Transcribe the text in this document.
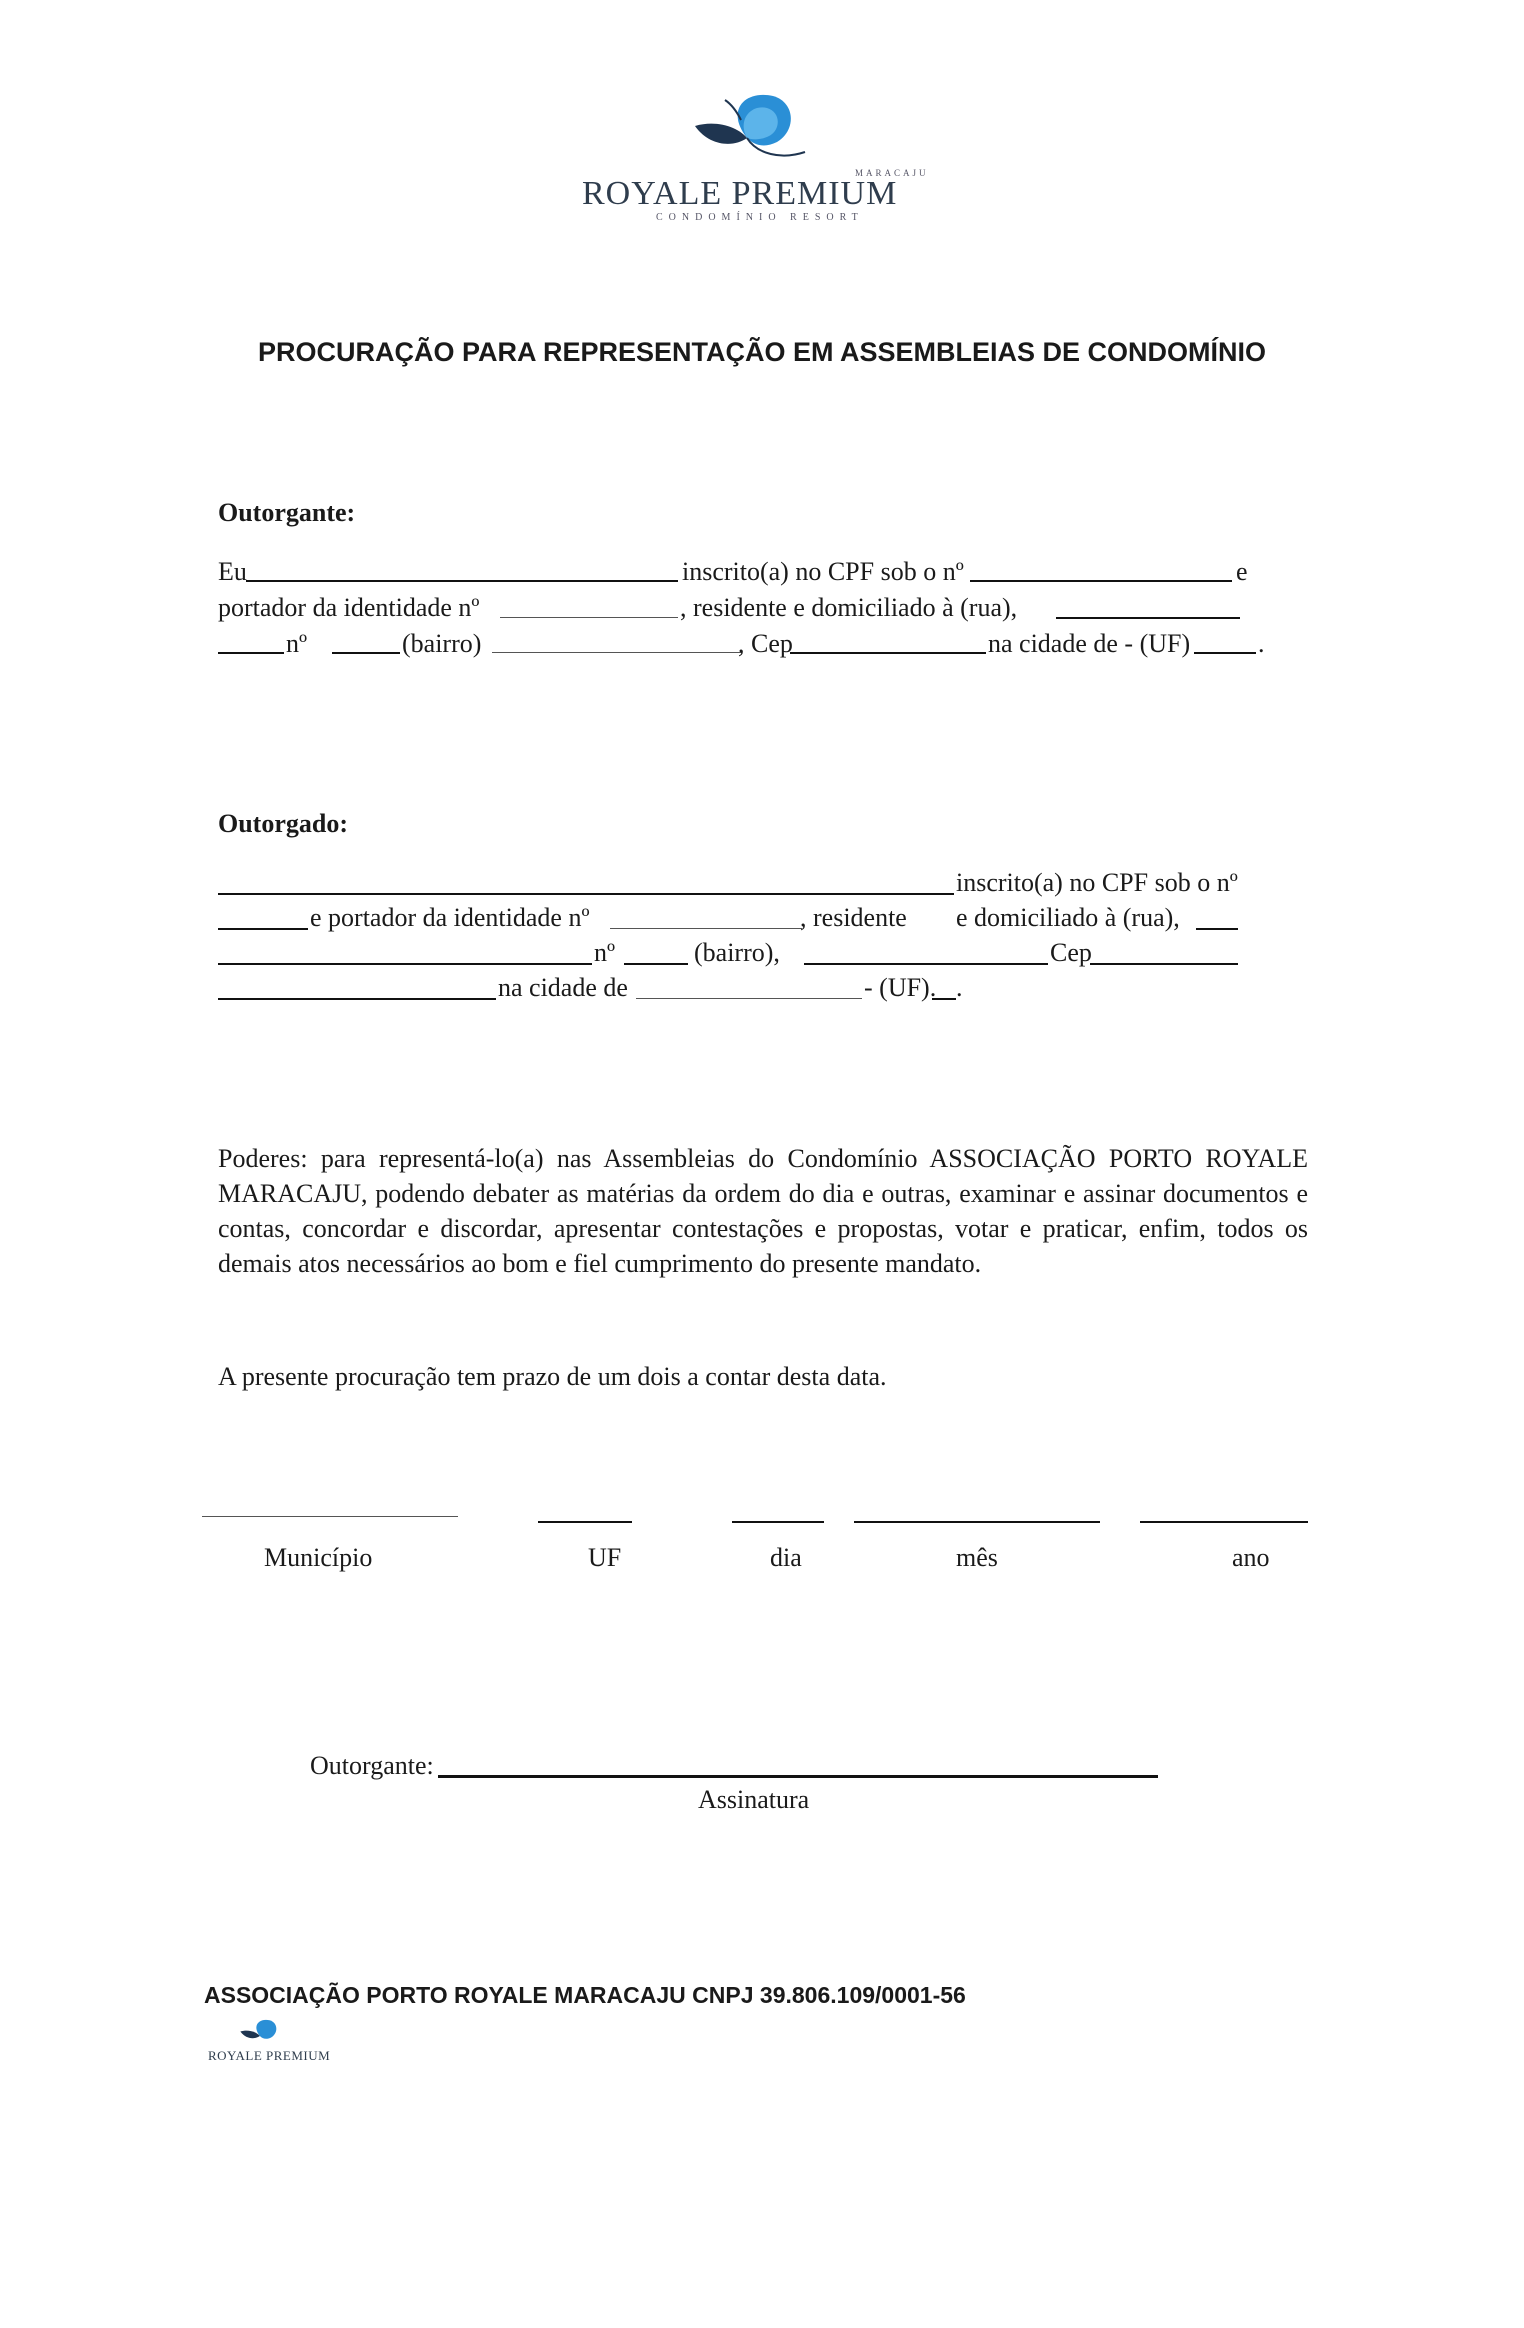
MARACAJU
ROYALE PREMIUM
CONDOMÍNIO RESORT
PROCURAÇÃO PARA REPRESENTAÇÃO EM ASSEMBLEIAS DE CONDOMÍNIO
Outorgante:
Eu	inscrito(a) no CPF sob o nº	e
portador da identidade nº	, residente e domiciliado à (rua),
nº	(bairro)	, Cep	na cidade de - (UF)	.
Outorgado:
inscrito(a) no CPF sob o nº
e portador da identidade nº	, residente e domiciliado à (rua),
nº	(bairro),	Cep
na cidade de	- (UF). .
Poderes: para representá-lo(a) nas Assembleias do Condomínio ASSOCIAÇÃO PORTO ROYALE MARACAJU, podendo debater as matérias da ordem do dia e outras, examinar e assinar documentos e contas, concordar e discordar, apresentar contestações e propostas, votar e praticar, enfim, todos os demais atos necessários ao bom e fiel cumprimento do presente mandato.
A presente procuração tem prazo de um dois a contar desta data.
Município	UF	dia	mês	ano
Outorgante:
Assinatura
ASSOCIAÇÃO PORTO ROYALE MARACAJU CNPJ 39.806.109/0001-56
ROYALE PREMIUM
